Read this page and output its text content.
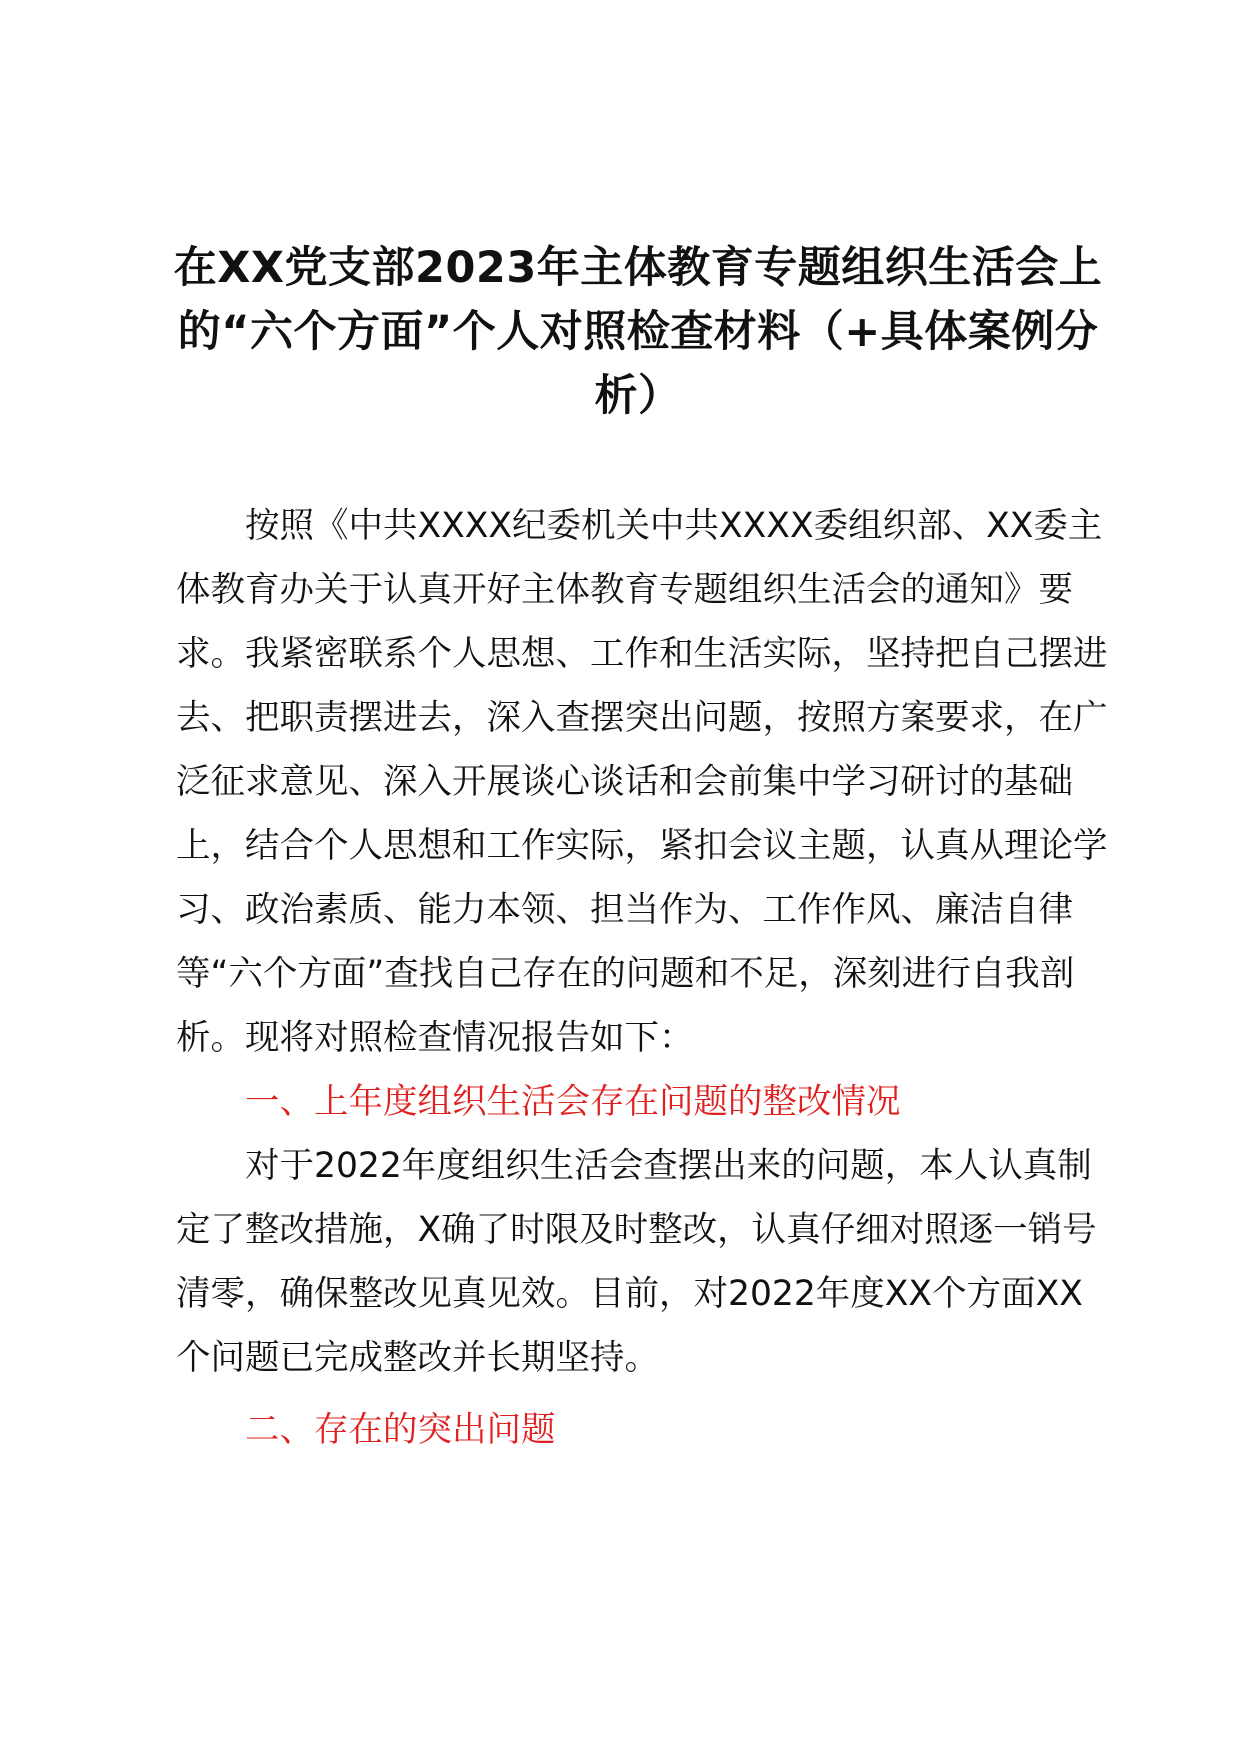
在XX党支部2023年主体教育专题组织生活会上的“六个方面”个人对照检查材料（+具体案例分析）

按照《中共XXXX纪委机关中共XXXX委组织部、XX委主体教育办关于认真开好主体教育专题组织生活会的通知》要求。我紧密联系个人思想、工作和生活实际，坚持把自己摆进去、把职责摆进去，深入查摆突出问题，按照方案要求，在广泛征求意见、深入开展谈心谈话和会前集中学习研讨的基础上，结合个人思想和工作实际，紧扣会议主题，认真从理论学习、政治素质、能力本领、担当作为、工作作风、廉洁自律等“六个方面”查找自己存在的问题和不足，深刻进行自我剖析。现将对照检查情况报告如下：

一、上年度组织生活会存在问题的整改情况

对于2022年度组织生活会查摆出来的问题，本人认真制定了整改措施，X确了时限及时整改，认真仔细对照逐一销号清零，确保整改见真见效。目前，对2022年度XX个方面XX个问题已完成整改并长期坚持。

二、存在的突出问题
